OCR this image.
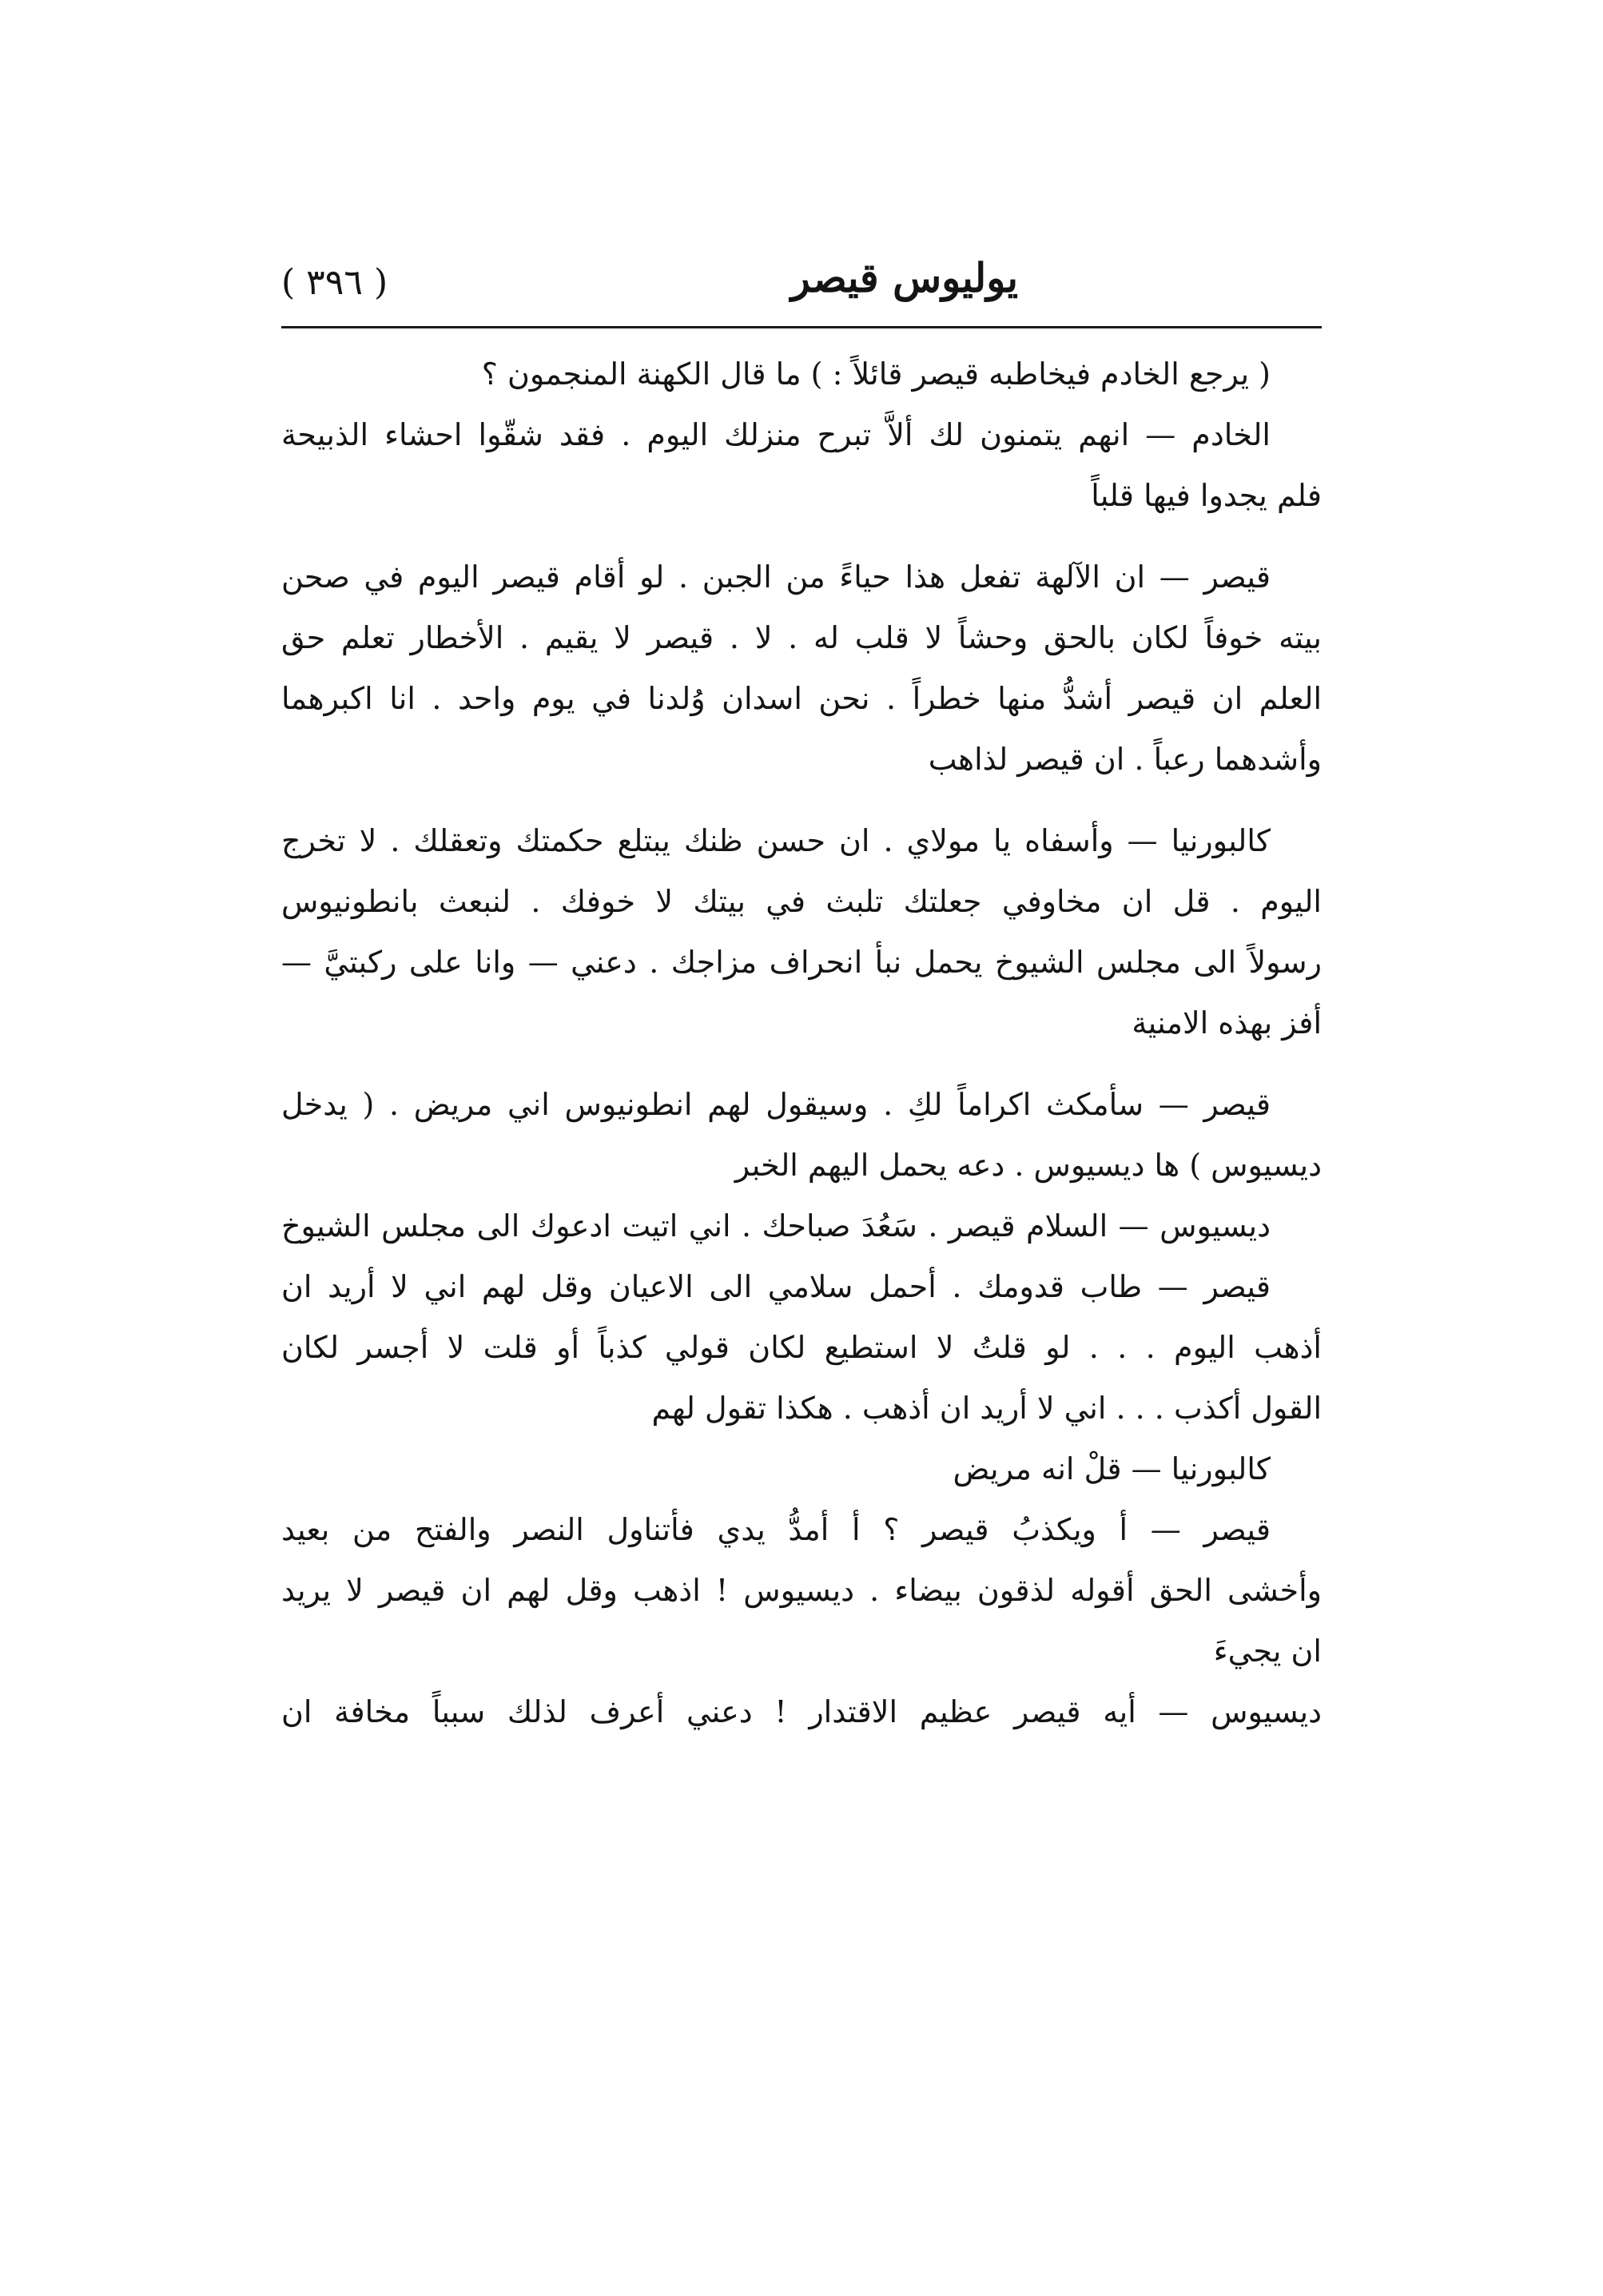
يوليوس قيصر
( ٣٩٦ )
( يرجع الخادم فيخاطبه قيصر قائلاً : ) ما قال الكهنة المنجمون ؟
الخادم — انهم يتمنون لك ألاَّ تبرح منزلك اليوم . فقد شقّوا احشاء الذبيحة
فلم يجدوا فيها قلباً
قيصر — ان الآلهة تفعل هذا حياءً من الجبن . لو أقام قيصر اليوم في صحن
بيته خوفاً لكان بالحق وحشاً لا قلب له . لا . قيصر لا يقيم . الأخطار تعلم حق
العلم ان قيصر أشدُّ منها خطراً . نحن اسدان وُلدنا في يوم واحد . انا اكبرهما
وأشدهما رعباً . ان قيصر لذاهب
كالبورنيا — وأسفاه يا مولاي . ان حسن ظنك يبتلع حكمتك وتعقلك . لا تخرج
اليوم . قل ان مخاوفي جعلتك تلبث في بيتك لا خوفك . لنبعث بانطونيوس
رسولاً الى مجلس الشيوخ يحمل نبأ انحراف مزاجك . دعني — وانا على ركبتيَّ —
أفز بهذه الامنية
قيصر — سأمكث اكراماً لكِ . وسيقول لهم انطونيوس اني مريض . ( يدخل
ديسيوس ) ها ديسيوس . دعه يحمل اليهم الخبر
ديسيوس — السلام قيصر . سَعُدَ صباحك . اني اتيت ادعوك الى مجلس الشيوخ
قيصر — طاب قدومك . أحمل سلامي الى الاعيان وقل لهم اني لا أريد ان
أذهب اليوم . . . لو قلتُ لا استطيع لكان قولي كذباً أو قلت لا أجسر لكان
القول أكذب . . . اني لا أريد ان أذهب . هكذا تقول لهم
كالبورنيا — قلْ انه مريض
قيصر — أ ويكذبُ قيصر ؟ أ أمدُّ يدي فأتناول النصر والفتح من بعيد
وأخشى الحق أقوله لذقون بيضاء . ديسيوس ! اذهب وقل لهم ان قيصر لا يريد
ان يجيءَ
ديسيوس — أيه قيصر عظيم الاقتدار ! دعني أعرف لذلك سبباً مخافة ان
